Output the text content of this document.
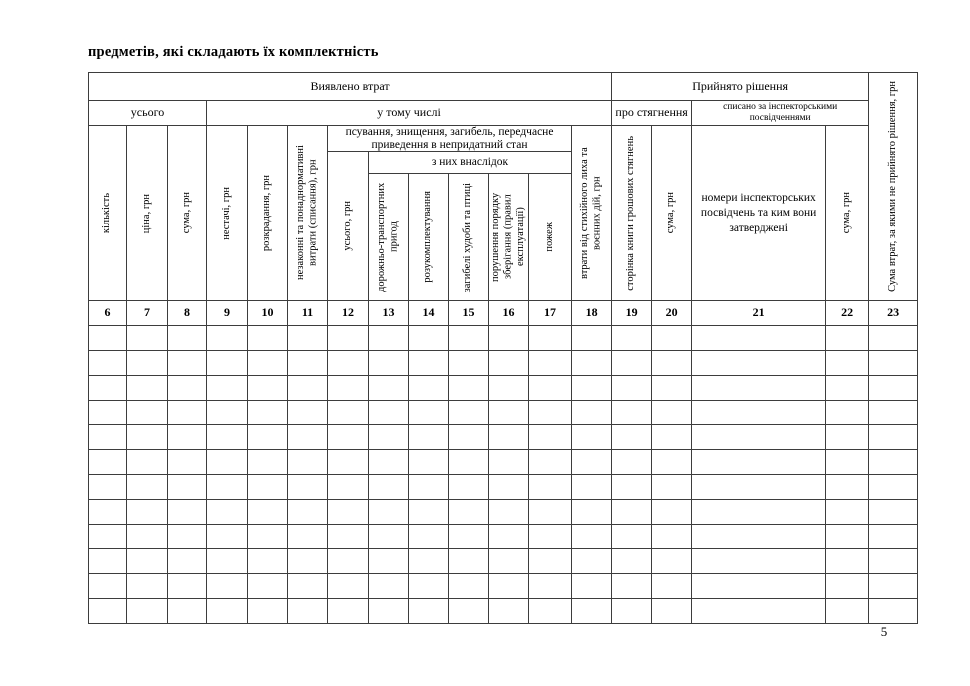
предметів, які складають їх комплектність
Виявлено втрат													Прийнято рішення				Сума втрат, за якими не прийнято рішення, грн

усього			у тому числі										про стягнення		списано за інспекторськими посвідченнями		

кількість	ціна, грн	сума, грн	нестачі, грн	розкрадання, грн	незаконні та понаднормативні витрати (списання), грн	псування, знищення, загибель, передчасне приведення в непридатний стан						втрати від стихійного лиха та воєнних дій, грн	сторінка книги грошових стягнень	сума, грн	номери інспекторських посвідчень та ким вони затверджені	сума, грн	

						усього, грн	з них внаслідок										

							дорожньо-транспортних пригод	розукомплектування	загибелі худоби та птиці	порушення порядку зберігання (правил експлуатації)	пожеж						

6	7	8	9	10	11	12	13	14	15	16	17	18	19	20	21	22	23

5
